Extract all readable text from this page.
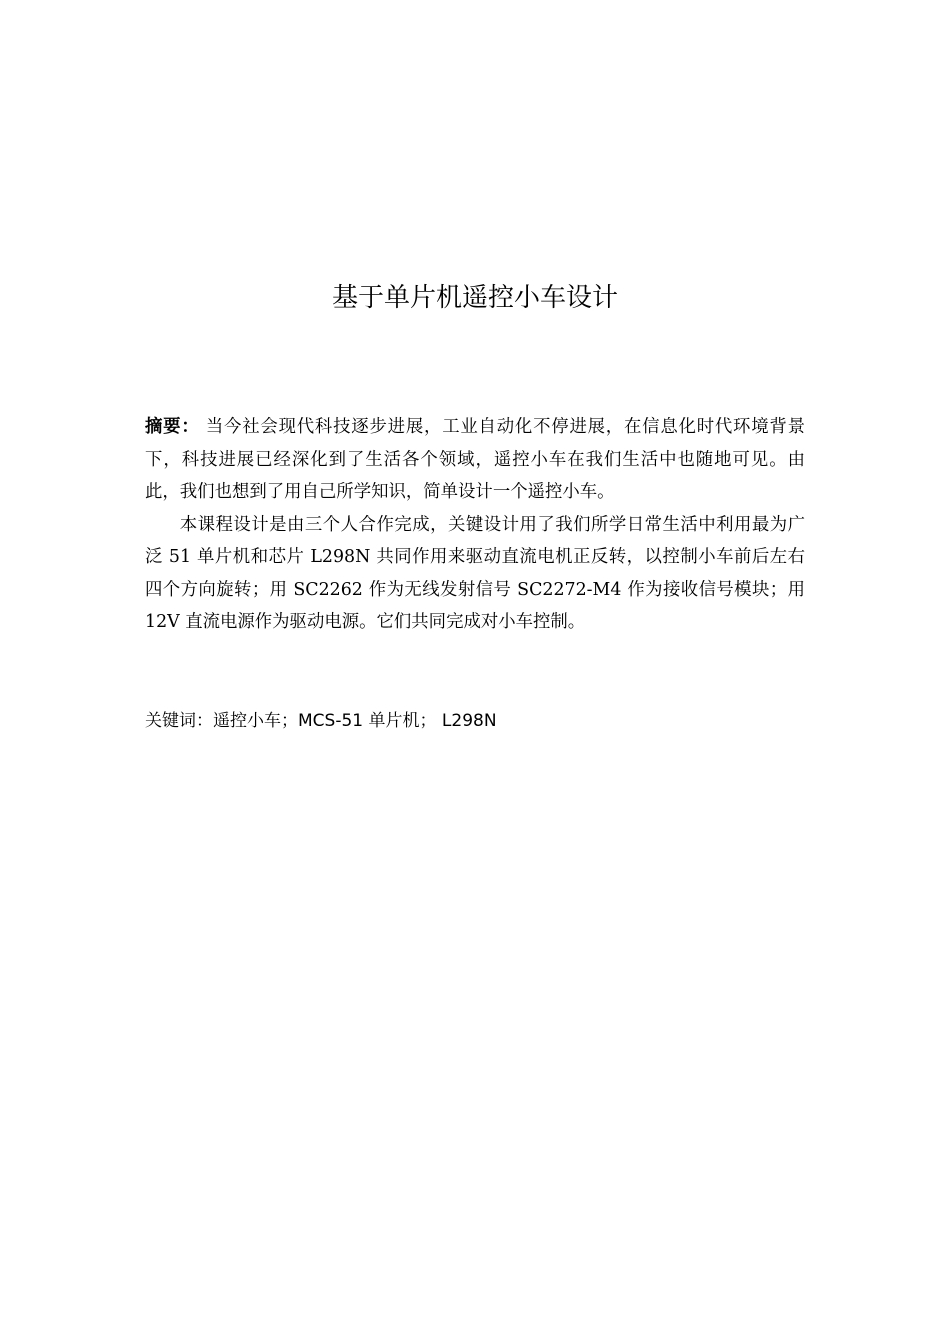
基于单片机遥控小车设计

摘要： 当今社会现代科技逐步进展，工业自动化不停进展，在信息化时代环境背景下，科技进展已经深化到了生活各个领域，遥控小车在我们生活中也随地可见。由此，我们也想到了用自己所学知识，简单设计一个遥控小车。

本课程设计是由三个人合作完成，关键设计用了我们所学日常生活中利用最为广泛 51 单片机和芯片 L298N 共同作用来驱动直流电机正反转，以控制小车前后左右四个方向旋转；用 SC2262 作为无线发射信号 SC2272-M4 作为接收信号模块；用 12V 直流电源作为驱动电源。它们共同完成对小车控制。

关键词：遥控小车；MCS-51 单片机； L298N
